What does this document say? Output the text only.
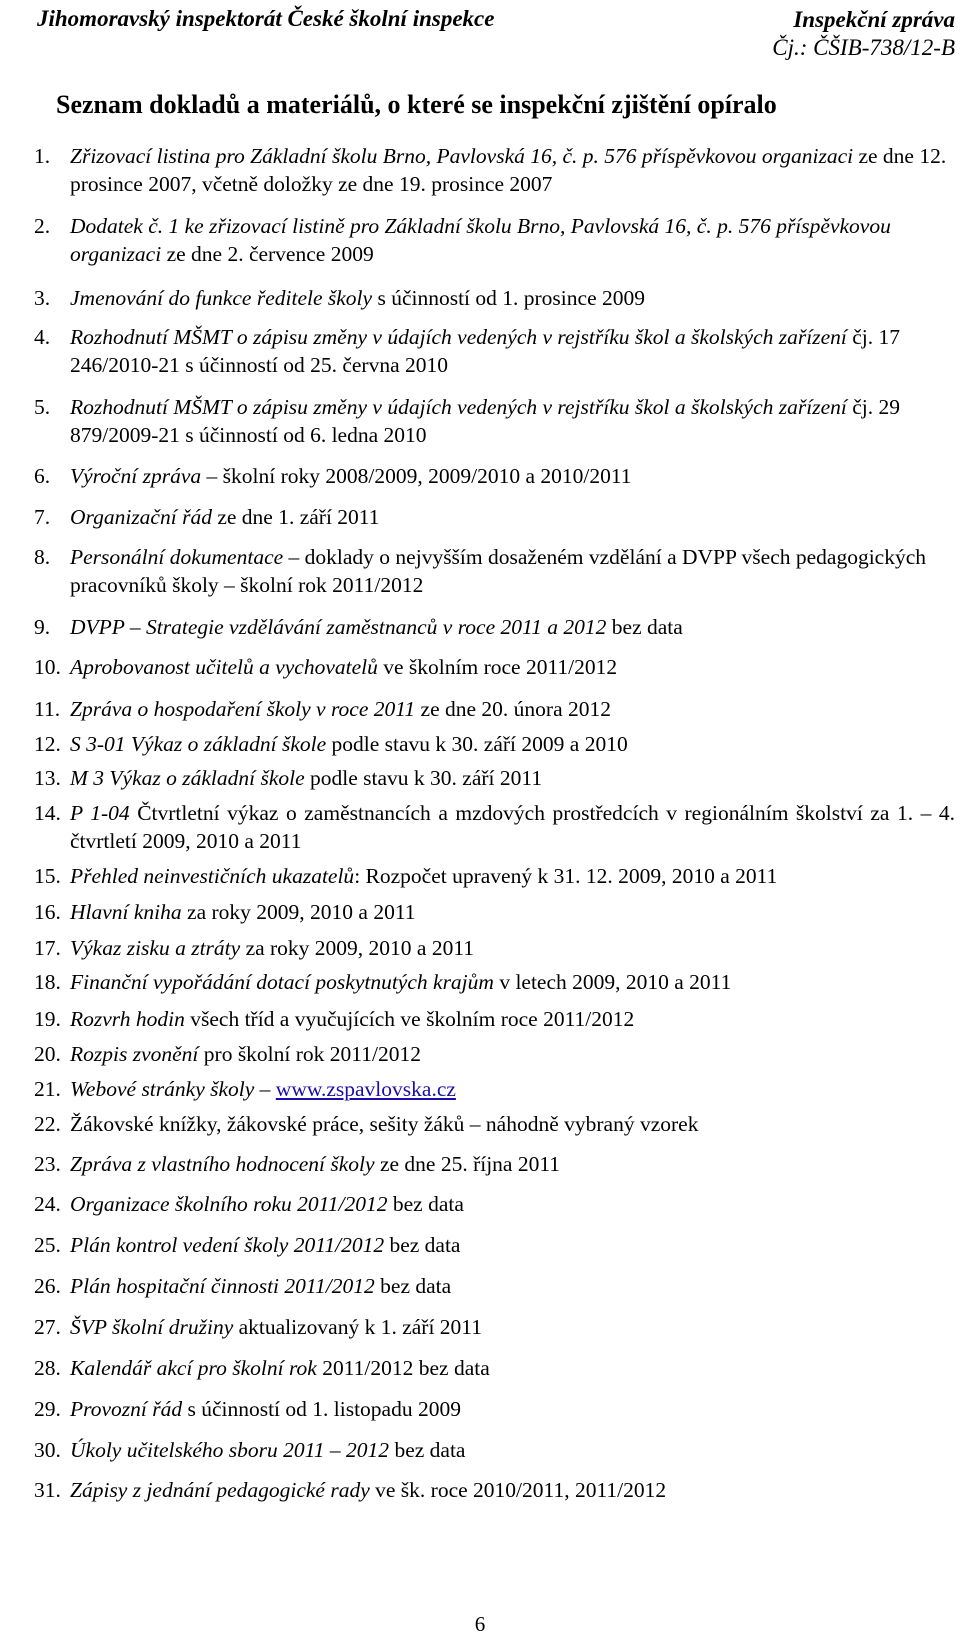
Jihomoravský inspektorát České školní inspekce	Inspekční zpráva
Čj.: ČŠIB-738/12-B
Seznam dokladů a materiálů, o které se inspekční zjištění opíralo
1. Zřizovací listina pro Základní školu Brno, Pavlovská 16, č. p. 576 příspěvkovou organizaci ze dne 12. prosince 2007, včetně doložky ze dne 19. prosince 2007
2. Dodatek č. 1 ke zřizovací listině pro Základní školu Brno, Pavlovská 16, č. p. 576 příspěvkovou organizaci ze dne 2. července 2009
3. Jmenování do funkce ředitele školy s účinností od 1. prosince 2009
4. Rozhodnutí MŠMT o zápisu změny v údajích vedených v rejstříku škol a školských zařízení čj. 17 246/2010-21 s účinností od 25. června 2010
5. Rozhodnutí MŠMT o zápisu změny v údajích vedených v rejstříku škol a školských zařízení čj. 29 879/2009-21 s účinností od 6. ledna 2010
6. Výroční zpráva – školní roky 2008/2009, 2009/2010 a 2010/2011
7. Organizační řád ze dne 1. září 2011
8. Personální dokumentace – doklady o nejvyšším dosaženém vzdělání a DVPP všech pedagogických pracovníků školy – školní rok 2011/2012
9. DVPP – Strategie vzdělávání zaměstnanců v roce 2011 a 2012 bez data
10. Aprobovanost učitelů a vychovatelů ve školním roce 2011/2012
11. Zpráva o hospodaření školy v roce 2011 ze dne 20. února 2012
12. S 3-01 Výkaz o základní škole podle stavu k 30. září 2009 a 2010
13. M 3 Výkaz o základní škole podle stavu k 30. září 2011
14. P 1-04 Čtvrtletní výkaz o zaměstnancích a mzdových prostředcích v regionálním školství za 1. – 4. čtvrtletí 2009, 2010 a 2011
15. Přehled neinvestičních ukazatelů: Rozpočet upravený k 31. 12. 2009, 2010 a 2011
16. Hlavní kniha za roky 2009, 2010 a 2011
17. Výkaz zisku a ztráty za roky 2009, 2010 a 2011
18. Finanční vypořádání dotací poskytnutých krajům v letech 2009, 2010 a 2011
19. Rozvrh hodin všech tříd a vyučujících ve školním roce 2011/2012
20. Rozpis zvonění pro školní rok 2011/2012
21. Webové stránky školy – www.zspavlovska.cz
22. Žákovské knížky, žákovské práce, sešity žáků – náhodně vybraný vzorek
23. Zpráva z vlastního hodnocení školy ze dne 25. října 2011
24. Organizace školního roku 2011/2012 bez data
25. Plán kontrol vedení školy 2011/2012 bez data
26. Plán hospitační činnosti 2011/2012 bez data
27. ŠVP školní družiny aktualizovaný k 1. září 2011
28. Kalendář akcí pro školní rok 2011/2012 bez data
29. Provozní řád s účinností od 1. listopadu 2009
30. Úkoly učitelského sboru 2011 – 2012 bez data
31. Zápisy z jednání pedagogické rady ve šk. roce 2010/2011, 2011/2012
6
